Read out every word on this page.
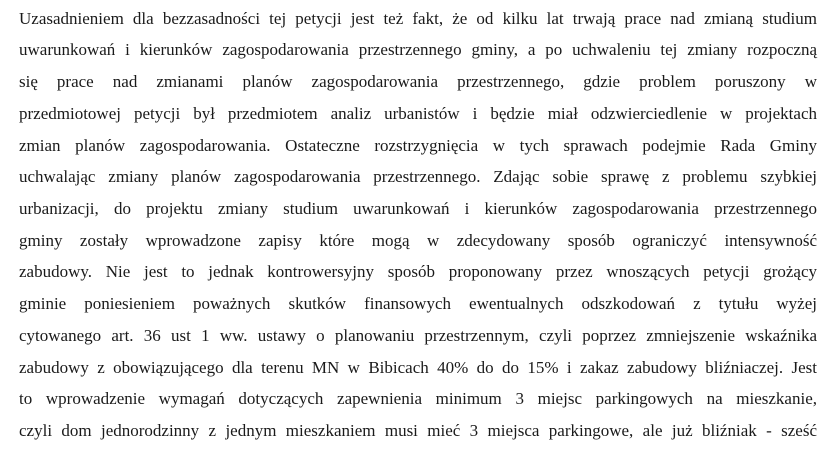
Uzasadnieniem dla bezzasadności tej petycji jest też fakt, że od kilku lat trwają prace nad zmianą studium
uwarunkowań i kierunków zagospodarowania przestrzennego gminy, a po uchwaleniu tej zmiany rozpoczną
się prace nad zmianami planów zagospodarowania przestrzennego, gdzie problem poruszony w
przedmiotowej petycji był przedmiotem analiz urbanistów i będzie miał odzwierciedlenie w projektach
zmian planów zagospodarowania. Ostateczne rozstrzygnięcia w tych sprawach podejmie Rada Gminy
uchwalając zmiany planów zagospodarowania przestrzennego. Zdając sobie sprawę z problemu szybkiej
urbanizacji, do projektu zmiany studium uwarunkowań i kierunków zagospodarowania przestrzennego
gminy zostały wprowadzone zapisy które mogą w zdecydowany sposób ograniczyć intensywność
zabudowy. Nie jest to jednak kontrowersyjny sposób proponowany przez wnoszących petycji grożący
gminie poniesieniem poważnych skutków finansowych ewentualnych odszkodowań z tytułu wyżej
cytowanego art. 36 ust 1 ww. ustawy o planowaniu przestrzennym, czyli poprzez zmniejszenie wskaźnika
zabudowy z obowiązującego dla terenu MN w Bibicach 40% do do 15% i zakaz zabudowy bliźniaczej. Jest
to wprowadzenie wymagań dotyczących zapewnienia minimum 3 miejsc parkingowych na mieszkanie,
czyli dom jednorodzinny z jednym mieszkaniem musi mieć 3 miejsca parkingowe, ale już bliźniak - sześć
